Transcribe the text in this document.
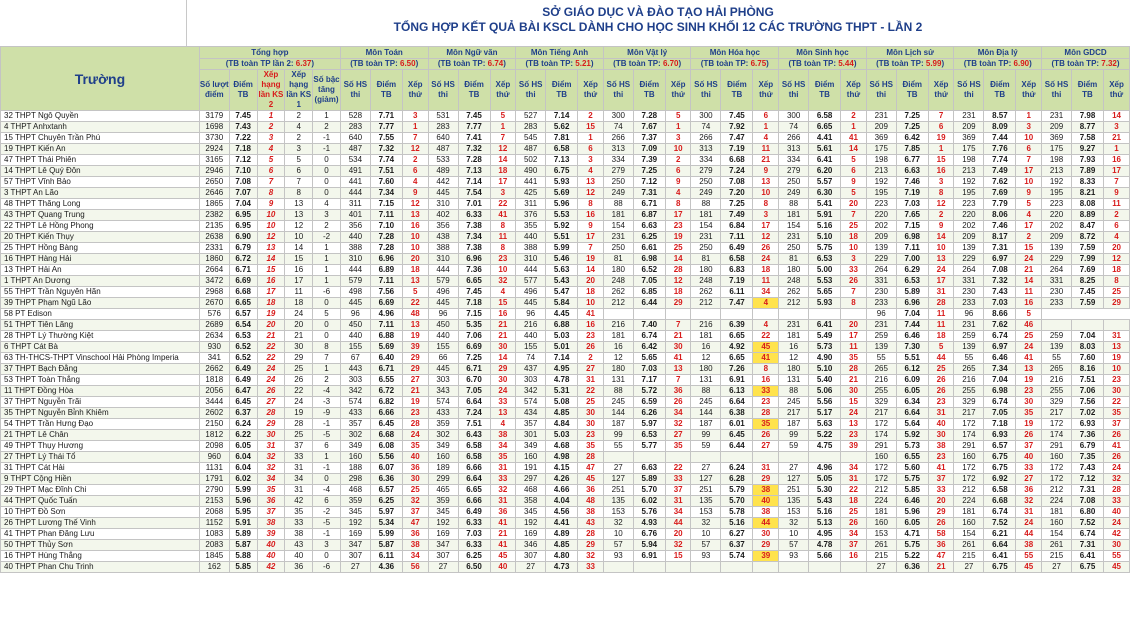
SỞ GIÁO DỤC VÀ ĐÀO TẠO HẢI PHÒNG
TỔNG HỢP KẾT QUẢ BÀI KSCL DÀNH CHO HỌC SINH KHỐI 12 CÁC TRƯỜNG THPT - LẦN 2
Trường	Tổng hợp					Môn Toán			Môn Ngữ văn			Môn Tiếng Anh			Môn Vật lý			Môn Hóa học			Môn Sinh học			Môn Lịch sử			Môn Địa lý			Môn GDCD		
	(TB toàn TP lần 2: 6.37)					(TB toàn TP: 6.50)			(TB toàn TP: 6.74)			(TB toàn TP: 5.21)			(TB toàn TP: 6.70)			(TB toàn TP: 6.75)			(TB toàn TP: 5.44)			(TB toàn TP: 5.99)			(TB toàn TP: 6.90)			(TB toàn TP: 7.32)		
	Số lượt điểm	Điểm TB	Xếp hạng lần KS 2	Xếp hạng lần KS 1	Số bậc tăng (giảm)	Số HS thi	Điểm TB	Xếp thứ	Số HS thi	Điểm TB	Xếp thứ	Số HS thi	Điểm TB	Xếp thứ	Số HS thi	Điểm TB	Xếp thứ	Số HS thi	Điểm TB	Xếp thứ	Số HS thi	Điểm TB	Xếp thứ	Số HS thi	Điểm TB	Xếp thứ	Số HS thi	Điểm TB	Xếp thứ	Số HS thi	Điểm TB	Xếp thứ
32 THPT Ngô Quyền	3179	7.45	1	2	1	528	7.71	3	531	7.45	5	527	7.14	2	300	7.28	5	300	7.45	6	300	6.58	2	231	7.25	7	231	8.57	1	231	7.98	14
4 THPT Anhxtanh	1698	7.43	2	4	2	283	7.77	1	283	7.77	1	283	5.62	15	74	7.67	1	74	7.92	1	74	6.65	1	209	7.25	6	209	8.09	3	209	8.77	3
15 THPT Chuyên Trần Phú	3730	7.22	3	2	-1	640	7.55	7	640	7.41	7	545	7.81	1	266	7.37	3	266	7.47	4	266	4.41	41	369	6.42	19	369	7.44	10	369	7.58	21
19 THPT Kiến An	2924	7.18	4	3	-1	487	7.32	12	487	7.32	12	487	6.58	6	313	7.09	10	313	7.19	11	313	5.61	14	175	7.85	1	175	7.76	6	175	9.27	1
47 THPT Thái Phiên	3165	7.12	5	5	0	534	7.74	2	533	7.28	14	502	7.13	3	334	7.39	2	334	6.68	21	334	6.41	5	198	6.77	15	198	7.74	7	198	7.93	16
14 THPT Lê Quý Đôn	2946	7.10	6	6	0	491	7.51	6	489	7.13	18	490	6.75	4	279	7.25	6	279	7.24	9	279	6.20	6	213	6.63	16	213	7.49	17	213	7.89	17
57 THPT Vĩnh Bảo	2650	7.08	7	7	0	441	7.60	4	442	7.14	17	441	5.93	13	250	7.12	9	250	7.08	13	250	5.57	9	192	7.46	3	192	7.62	10	192	8.33	7
3 THPT An Lão	2646	7.07	8	8	0	444	7.34	9	445	7.54	3	425	5.69	12	249	7.31	4	249	7.20	10	249	6.30	5	195	7.19	8	195	7.69	9	195	8.21	9
48 THPT Thăng Long	1865	7.04	9	13	4	311	7.15	12	310	7.01	22	311	5.96	8	88	6.71	8	88	7.25	8	88	5.41	20	223	7.03	12	223	7.79	5	223	8.08	11
43 THPT Quang Trung	2382	6.95	10	13	3	401	7.11	13	402	6.33	41	376	5.53	16	181	6.87	17	181	7.49	3	181	5.91	7	220	7.65	2	220	8.06	4	220	8.89	2
22 THPT Lê Hồng Phong	2135	6.95	10	12	2	356	7.10	16	356	7.38	8	355	5.92	9	154	6.63	23	154	6.84	17	154	5.16	25	202	7.15	9	202	7.46	17	202	8.47	6
20 THPT Kiến Thụy	2638	6.90	12	10	-2	440	7.28	10	438	7.34	11	440	5.51	17	231	6.25	19	231	7.11	12	231	5.10	18	209	6.98	14	209	8.17	2	209	8.72	4
25 THPT Hồng Bàng	2331	6.79	13	14	1	388	7.28	10	388	7.38	8	388	5.99	7	250	6.61	25	250	6.49	26	250	5.75	10	139	7.11	10	139	7.31	15	139	7.59	20
16 THPT Hàng Hải	1860	6.72	14	15	1	310	6.96	20	310	6.96	23	310	5.46	19	81	6.98	14	81	6.58	24	81	6.53	3	229	7.00	13	229	6.97	24	229	7.99	12
13 THPT Hải An	2664	6.71	15	16	1	444	6.89	18	444	7.36	10	444	5.63	14	180	6.52	28	180	6.83	18	180	5.00	33	264	6.29	24	264	7.08	21	264	7.69	18
1 THPT An Dương	3472	6.69	16	17	1	579	7.11	13	579	6.65	32	577	5.43	20	248	7.05	12	248	7.19	11	248	5.53	26	331	6.53	17	331	7.32	14	331	8.25	8
55 THPT Trần Nguyên Hãn	2968	6.68	17	11	-6	498	7.56	5	496	7.45	4	496	5.47	18	262	6.85	18	262	6.11	34	262	5.65	7	230	5.89	31	230	7.43	11	230	7.45	25
39 THPT Phạm Ngũ Lão	2670	6.65	18	18	0	445	6.69	22	445	7.18	15	445	5.84	10	212	6.44	29	212	7.47	4	212	5.93	8	233	6.96	28	233	7.03	16	233	7.59	29
58 PT Edison	576	6.57	19	24	5	96	4.96	48	96	7.15	16	96	4.45	41										96	7.04	11	96	8.66	5			
51 THPT Tiên Lãng	2689	6.54	20	20	0	450	7.11	13	450	5.35	21	216	6.88	16	216	7.40	7	216	6.39	4	231	6.41	20	231	7.44	11	231	7.62	46			
28 THPT Lý Thường Kiệt	2634	6.53	21	21	0	440	6.88	19	440	7.06	21	440	5.03	23	181	6.74	21	181	6.65	22	181	5.49	17	259	6.46	18	259	6.74	25	259	7.04	31
6 THPT Cát Bà	930	6.52	22	30	8	155	5.69	39	155	6.69	30	155	5.01	26	16	6.42	30	16	4.92	45	16	5.73	11	139	7.30	5	139	6.97	24	139	8.03	13
63 TH-THCS-THPT Vinschool Hải Phòng Imperia	341	6.52	22	29	7	67	6.40	29	66	7.25	14	74	7.14	2	12	5.65	41	12	6.65	41	12	4.90	35	55	5.51	44	55	6.46	41	55	7.60	19
37 THPT Bạch Đằng	2662	6.49	24	25	1	443	6.71	29	445	6.71	29	437	4.95	27	180	7.03	13	180	7.26	8	180	5.10	28	265	6.12	25	265	7.34	13	265	8.16	10
53 THPT Toàn Thắng	1818	6.49	24	26	2	303	6.55	27	303	6.70	30	303	4.78	31	131	7.17	7	131	6.91	16	131	5.40	21	216	6.09	26	216	7.04	19	216	7.51	23
11 THPT Đồng Hòa	2056	6.47	26	22	-4	342	6.72	21	343	7.05	24	342	5.31	22	88	5.72	36	88	6.13	33	88	5.06	30	255	6.05	26	255	6.98	23	255	7.06	30
37 THPT Nguyễn Trãi	3444	6.45	27	24	-3	574	6.82	19	574	6.64	33	574	5.08	25	245	6.59	26	245	6.64	23	245	5.56	15	329	6.34	23	329	6.74	30	329	7.56	22
35 THPT Nguyễn Bỉnh Khiêm	2602	6.37	28	19	-9	433	6.66	23	433	7.24	13	434	4.85	30	144	6.26	34	144	6.38	28	217	5.17	24	217	6.64	31	217	7.05	35	217	7.02	35
54 THPT Trần Hưng Đạo	2150	6.24	29	28	-1	357	6.45	28	359	7.51	4	357	4.84	30	187	5.97	32	187	6.01	35	187	5.63	13	172	5.64	40	172	7.18	19	172	6.93	37
21 THPT Lê Chân	1812	6.22	30	25	-5	302	6.68	24	302	6.43	38	301	5.03	23	99	6.53	27	99	6.45	26	99	5.22	23	174	5.92	30	174	6.93	26	174	7.36	26
49 THPT Thụy Hương	2098	6.05	31	37	6	349	6.08	35	349	6.58	34	349	4.68	35	55	5.77	35	59	6.44	27	59	4.75	39	291	5.73	38	291	6.57	37	291	6.79	41
27 THPT Lý Thái Tổ	960	6.04	32	33	1	160	5.56	40	160	6.58	35	160	4.98	28										160	6.55	23	160	6.75	40	160	7.35	26
31 THPT Cát Hải	1131	6.04	32	31	-1	188	6.07	36	189	6.66	31	191	4.15	47	27	6.63	22	27	6.24	31	27	4.96	34	172	5.60	41	172	6.75	33	172	7.43	24
9 THPT Cộng Hiền	1791	6.02	34	34	0	298	6.36	30	299	6.64	33	297	4.26	45	127	5.89	33	127	6.28	29	127	5.05	31	172	5.75	37	172	6.92	27	172	7.12	32
29 THPT Mạc Đĩnh Chi	2790	5.99	35	31	-4	468	6.57	25	465	6.65	32	468	4.66	36	251	5.70	37	251	5.79	38	251	5.30	22	212	5.85	33	212	6.58	36	212	7.31	28
44 THPT Quốc Tuấn	2153	5.96	36	42	6	359	6.25	32	359	6.66	31	358	4.04	48	135	6.02	31	135	5.70	40	135	5.43	18	224	6.46	20	224	6.68	32	224	7.08	33
10 THPT Đồ Sơn	2068	5.95	37	35	-2	345	5.97	37	345	6.49	36	345	4.56	38	153	5.76	34	153	5.78	38	153	5.16	25	181	5.96	29	181	6.74	31	181	6.80	40
26 THPT Lương Thế Vinh	1152	5.91	38	33	-5	192	5.34	47	192	6.33	41	192	4.41	43	32	4.93	44	32	5.16	44	32	5.13	26	160	6.05	26	160	7.52	24	160	7.52	24
41 THPT Phan Đăng Lưu	1083	5.89	39	38	-1	169	5.99	36	169	7.03	21	169	4.89	28	10	6.76	20	10	6.27	30	10	4.95	34	153	4.71	58	154	6.21	44	154	6.74	42
50 THPT Thủy Sơn	2083	5.87	40	43	3	347	5.87	38	347	6.33	41	346	4.85	29	57	5.94	32	57	6.37	29	57	4.78	37	261	5.75	36	261	6.64	38	261	7.31	30
16 THPT Hùng Thắng	1845	5.88	40	40	0	307	6.11	34	307	6.25	45	307	4.80	32	93	6.91	15	93	5.74	39	93	5.66	16	215	5.22	47	215	6.41	55	215	6.41	55
40 THPT Phan Chu Trinh	162	5.85	42	36	-6	27	4.36	56	27	6.50	40	27	4.73	33										27	6.36	21	27	6.75	45	27	6.75	45
